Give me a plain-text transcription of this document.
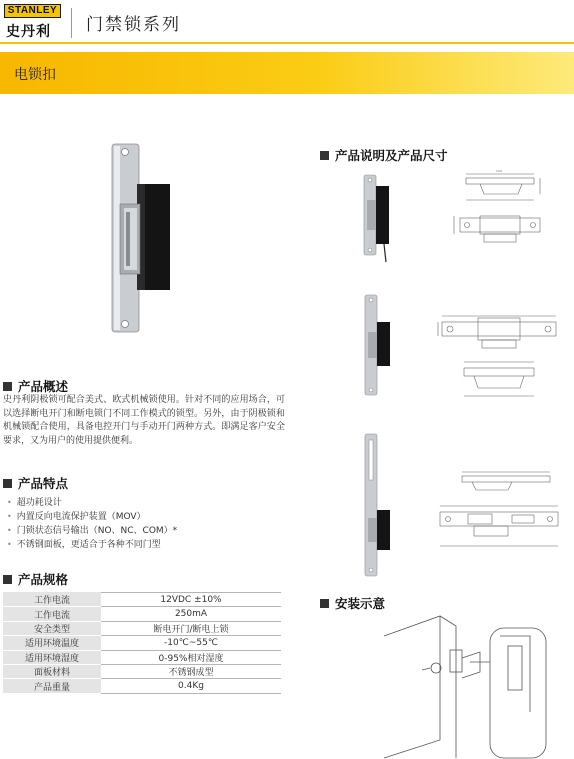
STANLEY
史丹利 门禁锁系列
电锁扣
产品说明及产品尺寸
134
安装示意
产品概述
史丹利阴极锁可配合美式、欧式机械锁使用。针对不同的应用场合，可以选择断电开门和断电锁门不同工作模式的锁型。另外，由于阴极锁和机械锁配合使用，具备电控开门与手动开门两种方式。即满足客户安全要求，又为用户的使用提供便利。
产品特点
• 超功耗设计
• 内置反向电流保护装置（MOV）
• 门锁状态信号输出（NO、NC、COM）*
• 不锈钢面板，更适合于各种不同门型
产品规格
工作电流	12VDC ±10%
工作电流	250mA
安全类型	断电开门/断电上锁
适用环境温度	-10℃~55℃
适用环境湿度	0-95%相对湿度
面板材料	不锈钢成型
产品重量	0.4Kg
